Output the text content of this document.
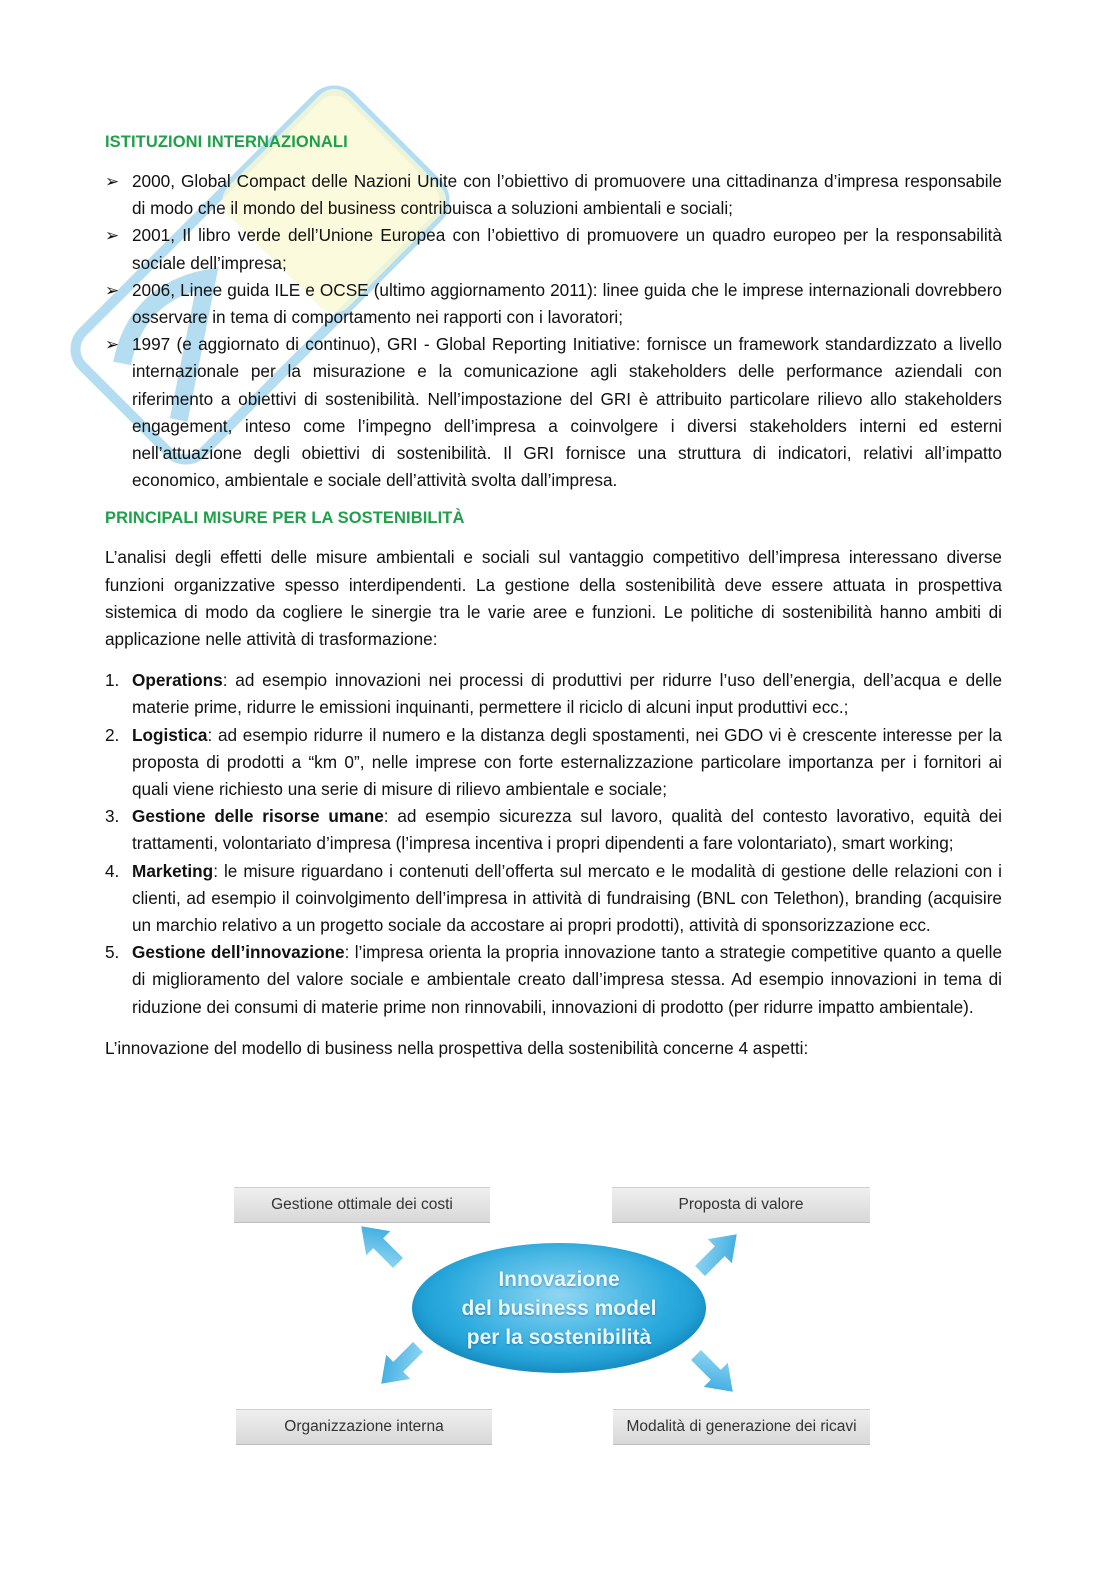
ISTITUZIONI INTERNAZIONALI
➢ 2000, Global Compact delle Nazioni Unite con l’obiettivo di promuovere una cittadinanza d’impresa responsabile di modo che il mondo del business contribuisca a soluzioni ambientali e sociali;
➢ 2001, Il libro verde dell’Unione Europea con l’obiettivo di promuovere un quadro europeo per la responsabilità sociale dell’impresa;
➢ 2006, Linee guida ILE e OCSE (ultimo aggiornamento 2011): linee guida che le imprese internazionali dovrebbero osservare in tema di comportamento nei rapporti con i lavoratori;
➢ 1997 (e aggiornato di continuo), GRI - Global Reporting Initiative: fornisce un framework standardizzato a livello internazionale per la misurazione e la comunicazione agli stakeholders delle performance aziendali con riferimento a obiettivi di sostenibilità. Nell’impostazione del GRI è attribuito particolare rilievo allo stakeholders engagement, inteso come l’impegno dell’impresa a coinvolgere i diversi stakeholders interni ed esterni nell’attuazione degli obiettivi di sostenibilità. Il GRI fornisce una struttura di indicatori, relativi all’impatto economico, ambientale e sociale dell’attività svolta dall’impresa.
PRINCIPALI MISURE PER LA SOSTENIBILITÀ

L’analisi degli effetti delle misure ambientali e sociali sul vantaggio competitivo dell’impresa interessano diverse funzioni organizzative spesso interdipendenti. La gestione della sostenibilità deve essere attuata in prospettiva sistemica di modo da cogliere le sinergie tra le varie aree e funzioni. Le politiche di sostenibilità hanno ambiti di applicazione nelle attività di trasformazione:

1. Operations: ad esempio innovazioni nei processi di produttivi per ridurre l’uso dell’energia, dell’acqua e delle materie prime, ridurre le emissioni inquinanti, permettere il riciclo di alcuni input produttivi ecc.;
2. Logistica: ad esempio ridurre il numero e la distanza degli spostamenti, nei GDO vi è crescente interesse per la proposta di prodotti a “km 0”, nelle imprese con forte esternalizzazione particolare importanza per i fornitori ai quali viene richiesto una serie di misure di rilievo ambientale e sociale;
3. Gestione delle risorse umane: ad esempio sicurezza sul lavoro, qualità del contesto lavorativo, equità dei trattamenti, volontariato d’impresa (l’impresa incentiva i propri dipendenti a fare volontariato), smart working;
4. Marketing: le misure riguardano i contenuti dell’offerta sul mercato e le modalità di gestione delle relazioni con i clienti, ad esempio il coinvolgimento dell’impresa in attività di fundraising (BNL con Telethon), branding (acquisire un marchio relativo a un progetto sociale da accostare ai propri prodotti), attività di sponsorizzazione ecc.
5. Gestione dell’innovazione: l’impresa orienta la propria innovazione tanto a strategie competitive quanto a quelle di miglioramento del valore sociale e ambientale creato dall’impresa stessa. Ad esempio innovazioni in tema di riduzione dei consumi di materie prime non rinnovabili, innovazioni di prodotto (per ridurre impatto ambientale).

L’innovazione del modello di business nella prospettiva della sostenibilità concerne 4 aspetti:

Gestione ottimale dei costi	Proposta di valore
Organizzazione interna	Modalità di generazione dei ricavi
Innovazione
del business model
per la sostenibilità
